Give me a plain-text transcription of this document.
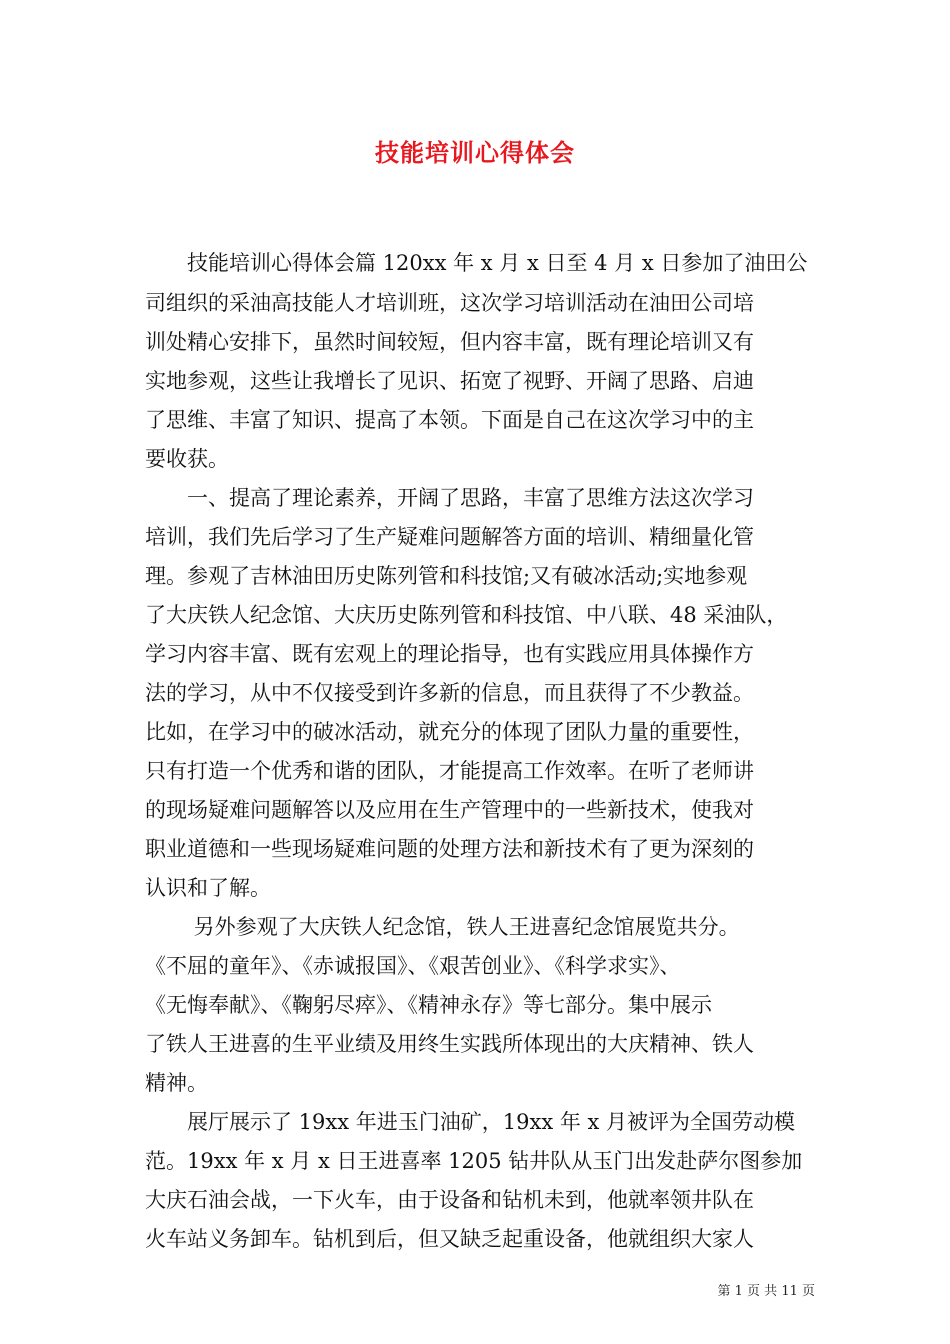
技能培训心得体会
　　技能培训心得体会篇 120xx 年 x 月 x 日至 4 月 x 日参加了油田公
司组织的采油高技能人才培训班，这次学习培训活动在油田公司培
训处精心安排下，虽然时间较短，但内容丰富，既有理论培训又有
实地参观，这些让我增长了见识、拓宽了视野、开阔了思路、启迪
了思维、丰富了知识、提高了本领。下面是自己在这次学习中的主
要收获。
　　一、提高了理论素养，开阔了思路，丰富了思维方法这次学习
培训，我们先后学习了生产疑难问题解答方面的培训、精细量化管
理。参观了吉林油田历史陈列管和科技馆;又有破冰活动;实地参观
了大庆铁人纪念馆、大庆历史陈列管和科技馆、中八联、48 采油队，
学习内容丰富、既有宏观上的理论指导，也有实践应用具体操作方
法的学习，从中不仅接受到许多新的信息，而且获得了不少教益。
比如，在学习中的破冰活动，就充分的体现了团队力量的重要性，
只有打造一个优秀和谐的团队，才能提高工作效率。在听了老师讲
的现场疑难问题解答以及应用在生产管理中的一些新技术，使我对
职业道德和一些现场疑难问题的处理方法和新技术有了更为深刻的
认识和了解。
　　 另外参观了大庆铁人纪念馆，铁人王进喜纪念馆展览共分。
《不屈的童年》、《赤诚报国》、《艰苦创业》、《科学求实》、
《无悔奉献》、《鞠躬尽瘁》、《精神永存》等七部分。集中展示
了铁人王进喜的生平业绩及用终生实践所体现出的大庆精神、铁人
精神。
　　展厅展示了 19xx 年进玉门油矿，19xx 年 x 月被评为全国劳动模
范。19xx 年 x 月 x 日王进喜率 1205 钻井队从玉门出发赴萨尔图参加
大庆石油会战，一下火车，由于设备和钻机未到，他就率领井队在
火车站义务卸车。钻机到后，但又缺乏起重设备，他就组织大家人
第 1 页 共 11 页
